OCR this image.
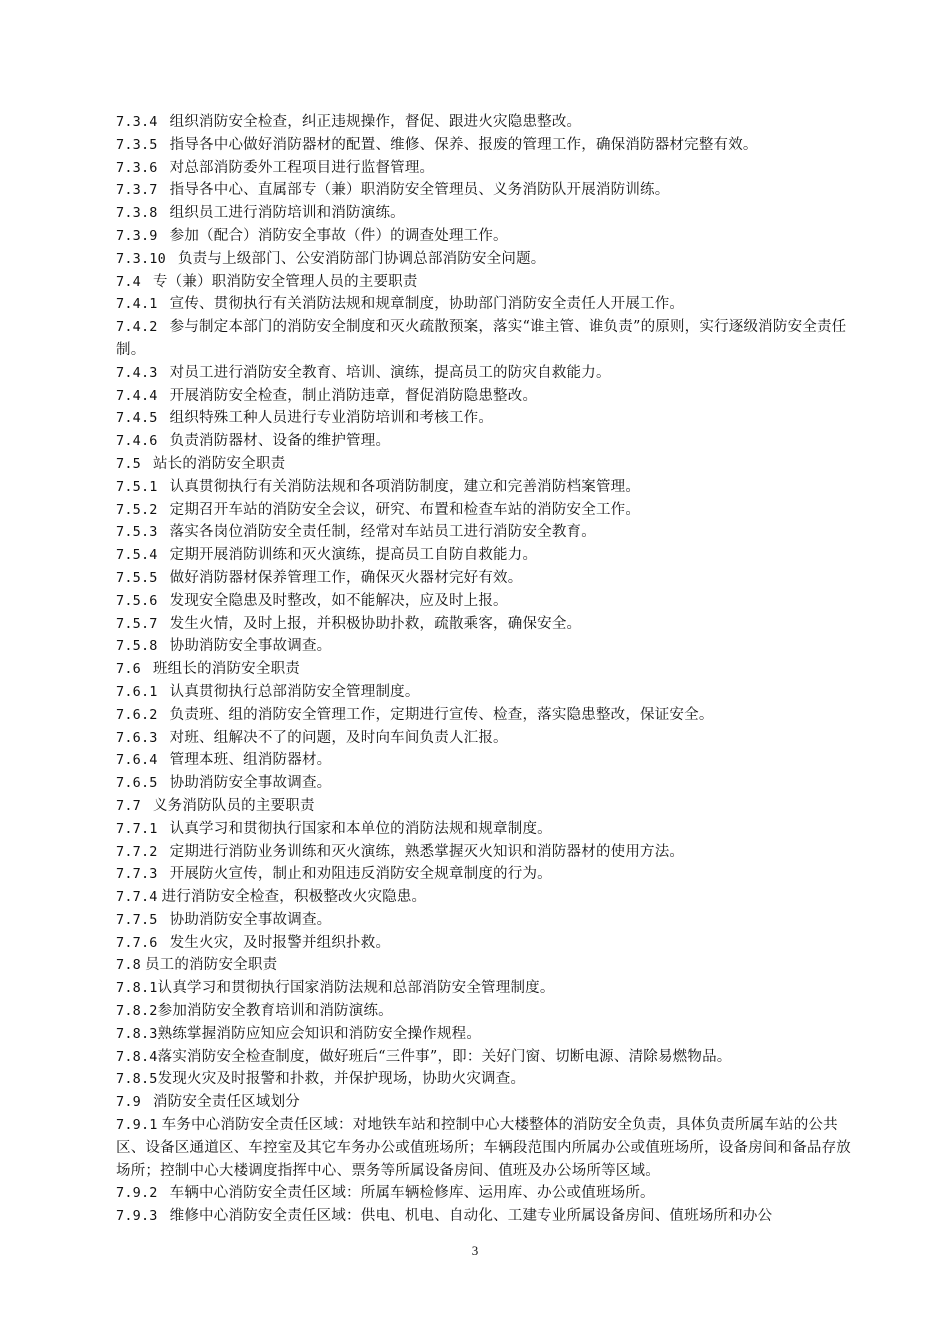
7.3.4 组织消防安全检查，纠正违规操作，督促、跟进火灾隐患整改。
7.3.5 指导各中心做好消防器材的配置、维修、保养、报废的管理工作，确保消防器材完整有效。
7.3.6 对总部消防委外工程项目进行监督管理。
7.3.7 指导各中心、直属部专（兼）职消防安全管理员、义务消防队开展消防训练。
7.3.8 组织员工进行消防培训和消防演练。
7.3.9 参加（配合）消防安全事故（件）的调查处理工作。
7.3.10 负责与上级部门、公安消防部门协调总部消防安全问题。
7.4 专（兼）职消防安全管理人员的主要职责
7.4.1 宣传、贯彻执行有关消防法规和规章制度，协助部门消防安全责任人开展工作。
7.4.2 参与制定本部门的消防安全制度和灭火疏散预案，落实“谁主管、谁负责”的原则，实行逐级消防安全责任制。
7.4.3 对员工进行消防安全教育、培训、演练，提高员工的防灾自救能力。
7.4.4 开展消防安全检查，制止消防违章，督促消防隐患整改。
7.4.5 组织特殊工种人员进行专业消防培训和考核工作。
7.4.6 负责消防器材、设备的维护管理。
7.5 站长的消防安全职责
7.5.1 认真贯彻执行有关消防法规和各项消防制度，建立和完善消防档案管理。
7.5.2 定期召开车站的消防安全会议，研究、布置和检查车站的消防安全工作。
7.5.3 落实各岗位消防安全责任制，经常对车站员工进行消防安全教育。
7.5.4 定期开展消防训练和灭火演练，提高员工自防自救能力。
7.5.5 做好消防器材保养管理工作，确保灭火器材完好有效。
7.5.6 发现安全隐患及时整改，如不能解决，应及时上报。
7.5.7 发生火情，及时上报，并积极协助扑救，疏散乘客，确保安全。
7.5.8 协助消防安全事故调查。
7.6 班组长的消防安全职责
7.6.1 认真贯彻执行总部消防安全管理制度。
7.6.2 负责班、组的消防安全管理工作，定期进行宣传、检查，落实隐患整改，保证安全。
7.6.3 对班、组解决不了的问题，及时向车间负责人汇报。
7.6.4 管理本班、组消防器材。
7.6.5 协助消防安全事故调查。
7.7 义务消防队员的主要职责
7.7.1 认真学习和贯彻执行国家和本单位的消防法规和规章制度。
7.7.2 定期进行消防业务训练和灭火演练，熟悉掌握灭火知识和消防器材的使用方法。
7.7.3 开展防火宣传，制止和劝阻违反消防安全规章制度的行为。
7.7.4 进行消防安全检查，积极整改火灾隐患。
7.7.5 协助消防安全事故调查。
7.7.6 发生火灾，及时报警并组织扑救。
7.8 员工的消防安全职责
7.8.1认真学习和贯彻执行国家消防法规和总部消防安全管理制度。
7.8.2参加消防安全教育培训和消防演练。
7.8.3熟练掌握消防应知应会知识和消防安全操作规程。
7.8.4落实消防安全检查制度，做好班后“三件事”，即：关好门窗、切断电源、清除易燃物品。
7.8.5发现火灾及时报警和扑救，并保护现场，协助火灾调查。
7.9 消防安全责任区域划分
7.9.1 车务中心消防安全责任区域：对地铁车站和控制中心大楼整体的消防安全负责，具体负责所属车站的公共区、设备区通道区、车控室及其它车务办公或值班场所；车辆段范围内所属办公或值班场所，设备房间和备品存放场所；控制中心大楼调度指挥中心、票务等所属设备房间、值班及办公场所等区域。
7.9.2 车辆中心消防安全责任区域：所属车辆检修库、运用库、办公或值班场所。
7.9.3 维修中心消防安全责任区域：供电、机电、自动化、工建专业所属设备房间、值班场所和办公
3
